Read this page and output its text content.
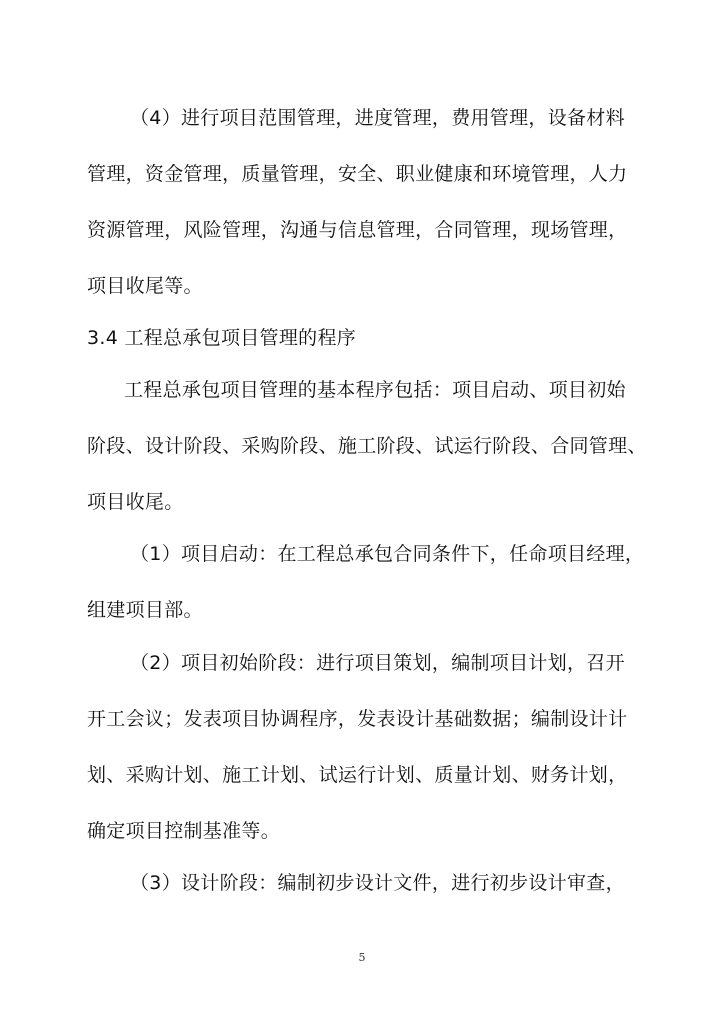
（4）进行项目范围管理，进度管理，费用管理，设备材料
管理，资金管理，质量管理，安全、职业健康和环境管理，人力
资源管理，风险管理，沟通与信息管理，合同管理，现场管理，
项目收尾等。
3.4 工程总承包项目管理的程序
工程总承包项目管理的基本程序包括：项目启动、项目初始
阶段、设计阶段、采购阶段、施工阶段、试运行阶段、合同管理、
项目收尾。
（1）项目启动：在工程总承包合同条件下，任命项目经理，
组建项目部。
（2）项目初始阶段：进行项目策划，编制项目计划，召开
开工会议；发表项目协调程序，发表设计基础数据；编制设计计
划、采购计划、施工计划、试运行计划、质量计划、财务计划，
确定项目控制基准等。
（3）设计阶段：编制初步设计文件，进行初步设计审查，
5
